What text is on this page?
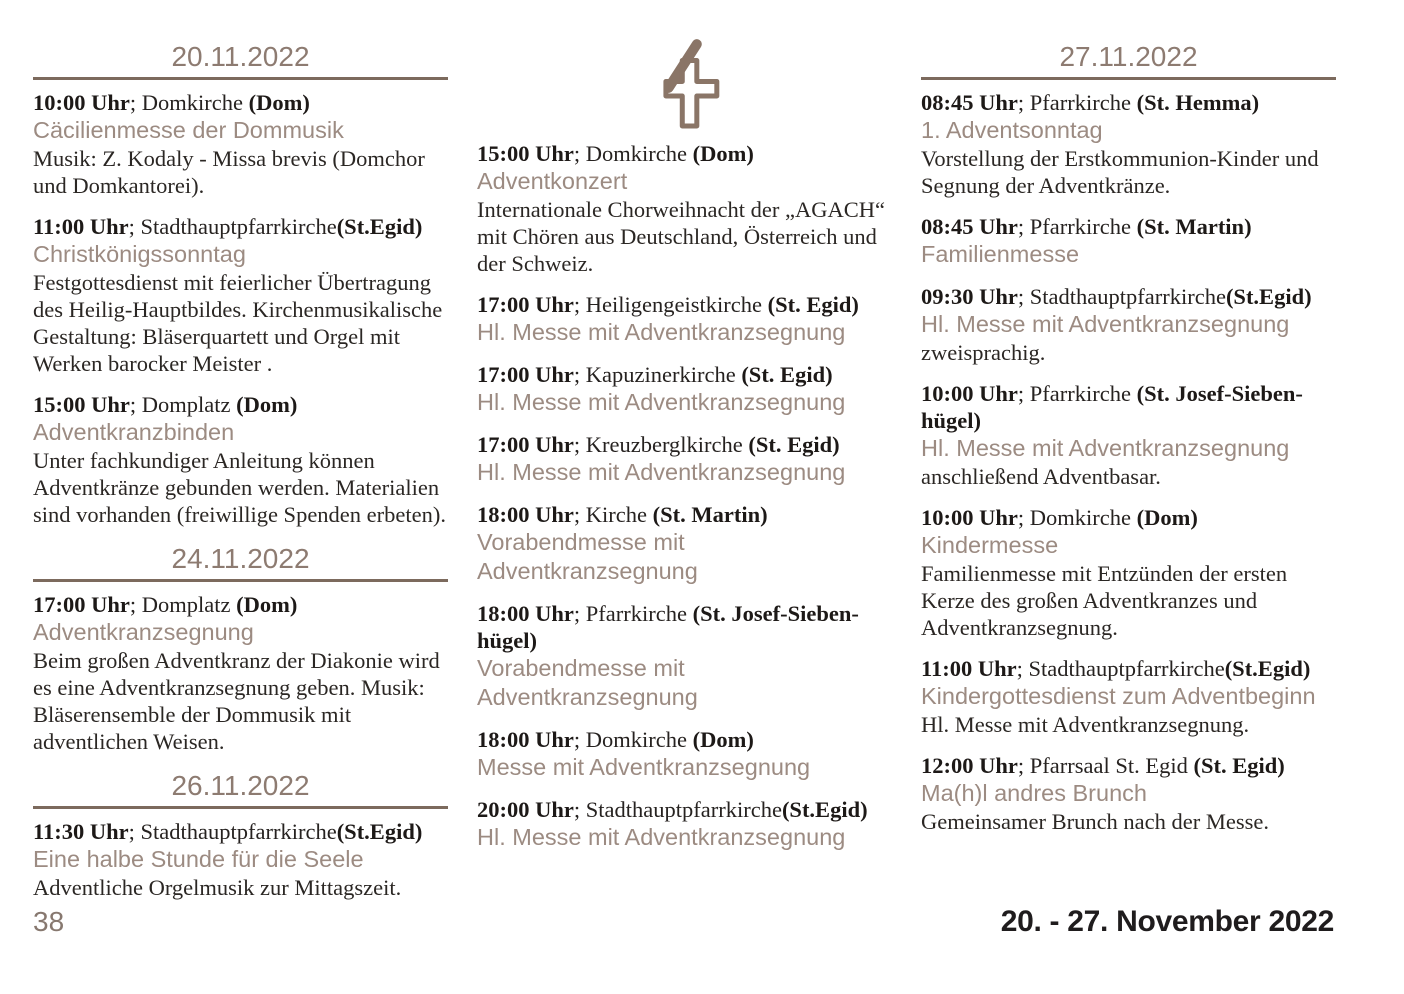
20.11.2022

10:00 Uhr; Domkirche (Dom)

Cäcilienmesse der Dommusik

Musik: Z. Kodaly - Missa brevis (Domchor und Domkantorei).

11:00 Uhr; Stadthauptpfarrkirche(St.Egid)

Christkönigssonntag

Festgottesdienst mit feierlicher Übertragung des Heilig-Hauptbildes. Kirchenmusikalische Gestaltung: Bläserquartett und Orgel mit Werken barocker Meister .

15:00 Uhr; Domplatz (Dom)

Adventkranzbinden

Unter fachkundiger Anleitung können Adventkränze gebunden werden. Materialien sind vorhanden (freiwillige Spenden erbeten).

24.11.2022

17:00 Uhr; Domplatz (Dom)

Adventkranzsegnung

Beim großen Adventkranz der Diakonie wird es eine Adventkranzsegnung geben. Musik: Bläserensemble der Dommusik mit adventlichen Weisen.

26.11.2022

11:30 Uhr; Stadthauptpfarrkirche(St.Egid)

Eine halbe Stunde für die Seele

Adventliche Orgelmusik zur Mittagszeit.

15:00 Uhr; Domkirche (Dom)

Adventkonzert

Internationale Chorweihnacht der „AGACH“ mit Chören aus Deutschland, Österreich und der Schweiz.

17:00 Uhr; Heiligengeistkirche (St. Egid)

Hl. Messe mit Adventkranzsegnung

17:00 Uhr; Kapuzinerkirche (St. Egid)

Hl. Messe mit Adventkranzsegnung

17:00 Uhr; Kreuzberglkirche (St. Egid)

Hl. Messe mit Adventkranzsegnung

18:00 Uhr; Kirche (St. Martin)

Vorabendmesse mit Adventkranzsegnung

18:00 Uhr; Pfarrkirche (St. Josef-Siebenhügel)

Vorabendmesse mit Adventkranzsegnung

18:00 Uhr; Domkirche (Dom)

Messe mit Adventkranzsegnung

20:00 Uhr; Stadthauptpfarrkirche(St.Egid)

Hl. Messe mit Adventkranzsegnung

27.11.2022

08:45 Uhr; Pfarrkirche (St. Hemma)

1. Adventsonntag

Vorstellung der Erstkommunion-Kinder und Segnung der Adventkränze.

08:45 Uhr; Pfarrkirche (St. Martin)

Familienmesse

09:30 Uhr; Stadthauptpfarrkirche(St.Egid)

Hl. Messe mit Adventkranzsegnung

zweisprachig.

10:00 Uhr; Pfarrkirche (St. Josef-Siebenhügel)

Hl. Messe mit Adventkranzsegnung

anschließend Adventbasar.

10:00 Uhr; Domkirche (Dom)

Kindermesse

Familienmesse mit Entzünden der ersten Kerze des großen Adventkranzes und Adventkranzsegnung.

11:00 Uhr; Stadthauptpfarrkirche(St.Egid)

Kindergottesdienst zum Adventbeginn

Hl. Messe mit Adventkranzsegnung.

12:00 Uhr; Pfarrsaal St. Egid (St. Egid)

Ma(h)l andres Brunch

Gemeinsamer Brunch nach der Messe.

38	20. - 27. November 2022
